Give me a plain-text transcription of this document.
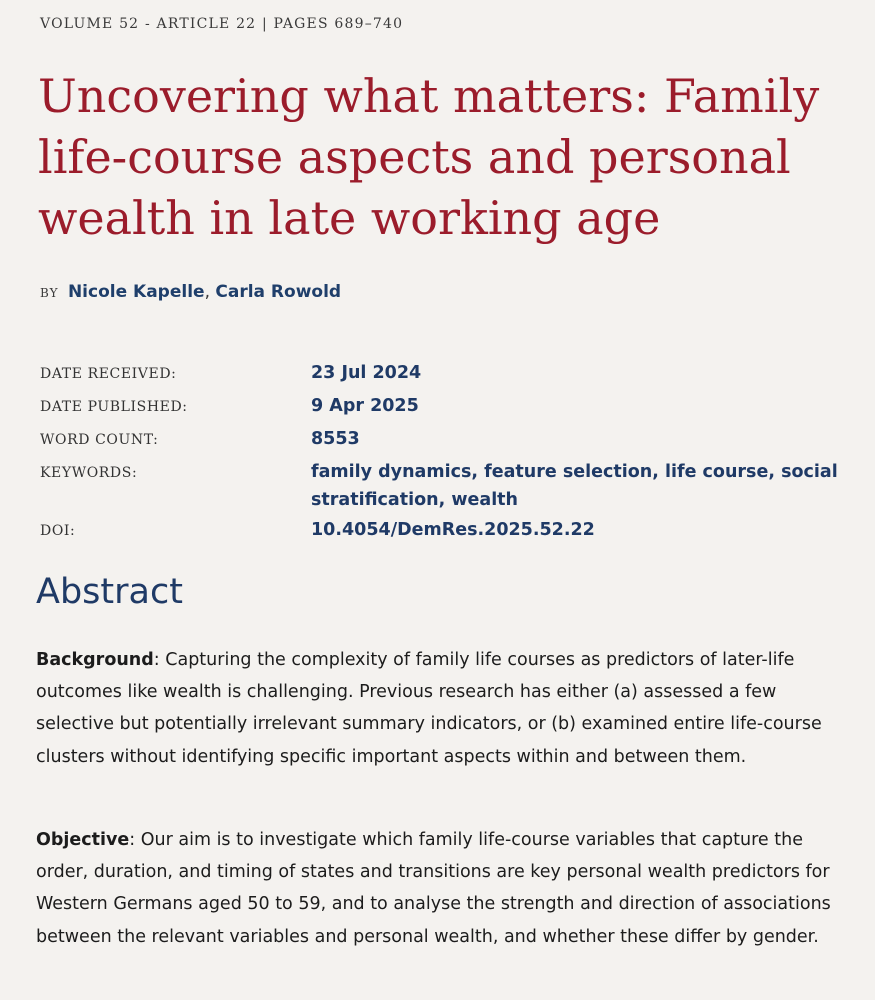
VOLUME 52 - ARTICLE 22 | PAGES 689–740
Uncovering what matters: Family life-course aspects and personal wealth in late working age
BY Nicole Kapelle, Carla Rowold
DATE RECEIVED:	23 Jul 2024
DATE PUBLISHED:	9 Apr 2025
WORD COUNT:	8553
KEYWORDS:	family dynamics, feature selection, life course, social stratification, wealth
DOI:	10.4054/DemRes.2025.52.22
Abstract

Background: Capturing the complexity of family life courses as predictors of later-life outcomes like wealth is challenging. Previous research has either (a) assessed a few selective but potentially irrelevant summary indicators, or (b) examined entire life-course clusters without identifying specific important aspects within and between them.

Objective: Our aim is to investigate which family life-course variables that capture the order, duration, and timing of states and transitions are key personal wealth predictors for Western Germans aged 50 to 59, and to analyse the strength and direction of associations between the relevant variables and personal wealth, and whether these differ by gender.
